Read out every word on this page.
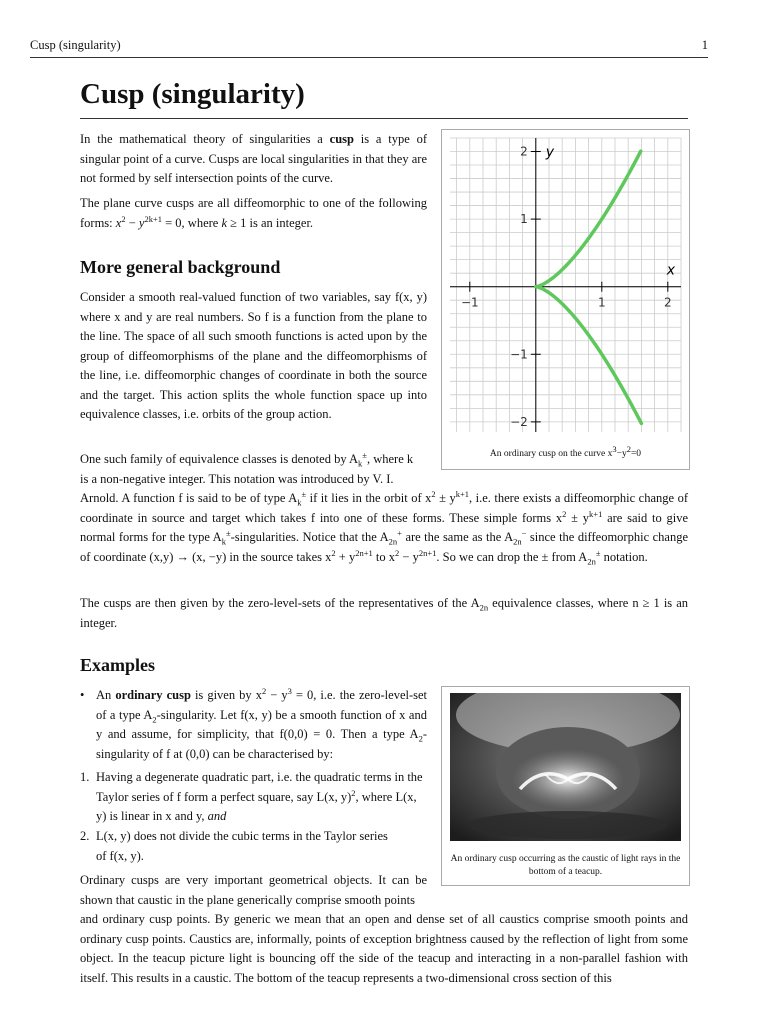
Cusp (singularity)	1
Cusp (singularity)
In the mathematical theory of singularities a cusp is a type of singular point of a curve. Cusps are local singularities in that they are not formed by self intersection points of the curve.
The plane curve cusps are all diffeomorphic to one of the following forms: $x^2 - y^{2k+1} = 0$, where k ≥ 1 is an integer.
More general background
Consider a smooth real-valued function of two variables, say f(x, y) where x and y are real numbers. So f is a function from the plane to the line. The space of all such smooth functions is acted upon by the group of diffeomorphisms of the plane and the diffeomorphisms of the line, i.e. diffeomorphic changes of coordinate in both the source and the target. This action splits the whole function space up into equivalence classes, i.e. orbits of the group action.
One such family of equivalence classes is denoted by $A_k^\pm$, where k
is a non-negative integer. This notation was introduced by V. I.
Arnold. A function f is said to be of type $A_k^\pm$ if it lies in the orbit of $x^2 \pm y^{k+1}$, i.e. there exists a diffeomorphic change of coordinate in source and target which takes f into one of these forms. These simple forms $x^2 \pm y^{k+1}$ are said to give normal forms for the type $A_k^\pm$-singularities. Notice that the $A_{2n}^+$ are the same as the $A_{2n}^-$ since the diffeomorphic change of coordinate (x,y) → (x, −y) in the source takes $x^2 + y^{2n+1}$ to $x^2 - y^{2n+1}$. So we can drop the ± from $A_{2n}^\pm$ notation.
The cusps are then given by the zero-level-sets of the representatives of the $A_{2n}$ equivalence classes, where n ≥ 1 is an integer.
−1	1	2
−2
−1
1
2
x
y
An ordinary cusp on the curve $x^3-y^2=0$
Examples
• An ordinary cusp is given by $x^2 - y^3 = 0$, i.e. the zero-level-set of a type $A_2$-singularity. Let f(x, y) be a smooth function of x and y and assume, for simplicity, that f(0,0) = 0. Then a type $A_2$-singularity of f at (0,0) can be characterised by:
1. Having a degenerate quadratic part, i.e. the quadratic terms in the Taylor series of f form a perfect square, say L(x, y)$^2$, where L(x, y) is linear in x and y, and
2. L(x, y) does not divide the cubic terms in the Taylor series of f(x, y).	An ordinary cusp occurring as the caustic of light rays in the bottom of a teacup.
Ordinary cusps are very important geometrical objects. It can be shown that caustic in the plane generically comprise smooth points
and ordinary cusp points. By generic we mean that an open and dense set of all caustics comprise smooth points and ordinary cusp points. Caustics are, informally, points of exception brightness caused by the reflection of light from some object. In the teacup picture light is bouncing off the side of the teacup and interacting in a non-parallel fashion with itself. This results in a caustic. The bottom of the teacup represents a two-dimensional cross section of this
